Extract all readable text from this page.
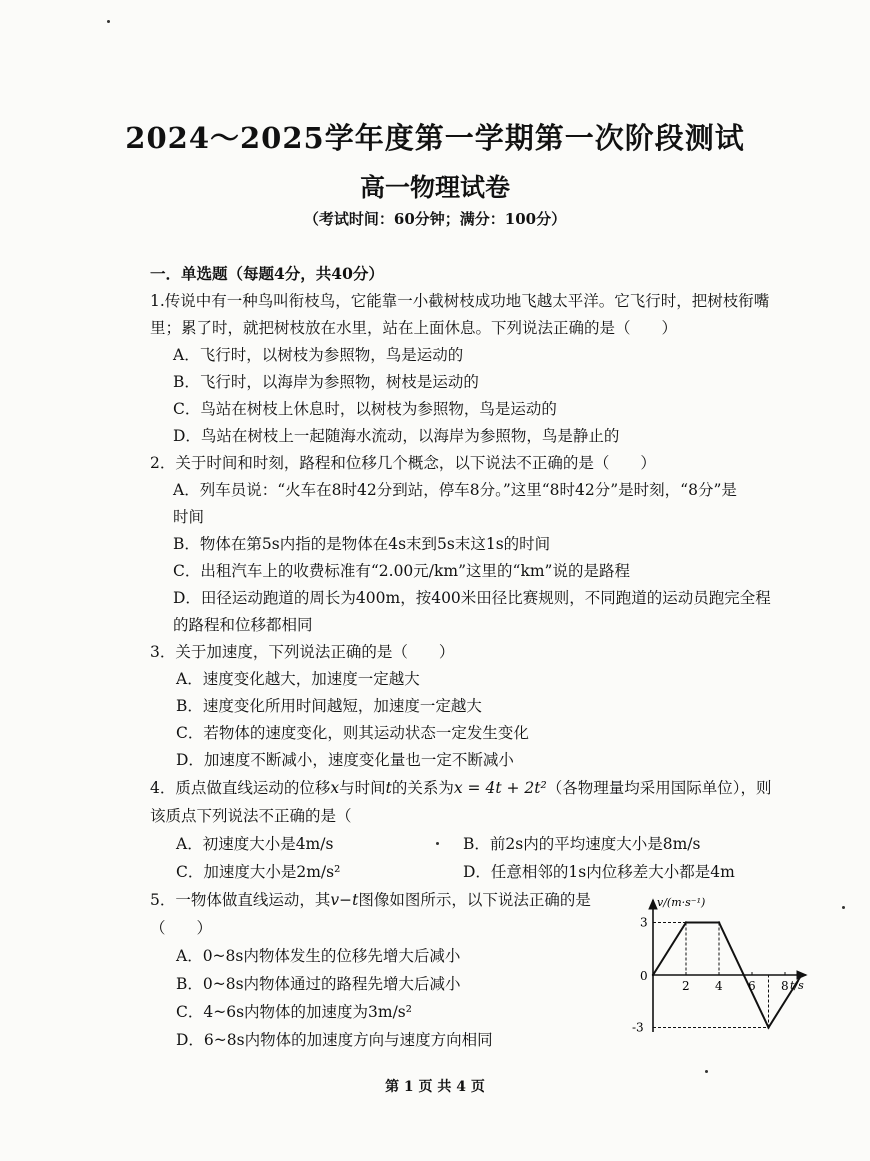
2024～2025学年度第一学期第一次阶段测试
高一物理试卷
（考试时间：60分钟；满分：100分）
一．单选题（每题4分，共40分）
1.传说中有一种鸟叫衔枝鸟，它能靠一小截树枝成功地飞越太平洋。它飞行时，把树枝衔嘴
里；累了时，就把树枝放在水里，站在上面休息。下列说法正确的是（　　）
A．飞行时，以树枝为参照物，鸟是运动的
B．飞行时，以海岸为参照物，树枝是运动的
C．鸟站在树枝上休息时，以树枝为参照物，鸟是运动的
D．鸟站在树枝上一起随海水流动，以海岸为参照物，鸟是静止的
2．关于时间和时刻，路程和位移几个概念，以下说法不正确的是（　　）
A．列车员说：“火车在8时42分到站，停车8分。”这里“8时42分”是时刻，“8分”是
时间
B．物体在第5s内指的是物体在4s末到5s末这1s的时间
C．出租汽车上的收费标准有“2.00元/km”这里的“km”说的是路程
D．田径运动跑道的周长为400m，按400米田径比赛规则，不同跑道的运动员跑完全程
的路程和位移都相同
3．关于加速度，下列说法正确的是（　　）
A．速度变化越大，加速度一定越大
B．速度变化所用时间越短，加速度一定越大
C．若物体的速度变化，则其运动状态一定发生变化
D．加速度不断减小，速度变化量也一定不断减小
4．质点做直线运动的位移x与时间t的关系为x = 4t + 2t²（各物理量均采用国际单位），则
该质点下列说法不正确的是（
A．初速度大小是4m/s	B．前2s内的平均速度大小是8m/s
C．加速度大小是2m/s²	D．任意相邻的1s内位移差大小都是4m
5．一物体做直线运动，其v−t图像如图所示，以下说法正确的是
（　　）
A．0~8s内物体发生的位移先增大后减小
B．0~8s内物体通过的路程先增大后减小
C．4~6s内物体的加速度为3m/s²
D．6~8s内物体的加速度方向与速度方向相同
3
-3
2 4 6 8
v/(m·s⁻¹)
t/s
0
第 1 页 共 4 页
